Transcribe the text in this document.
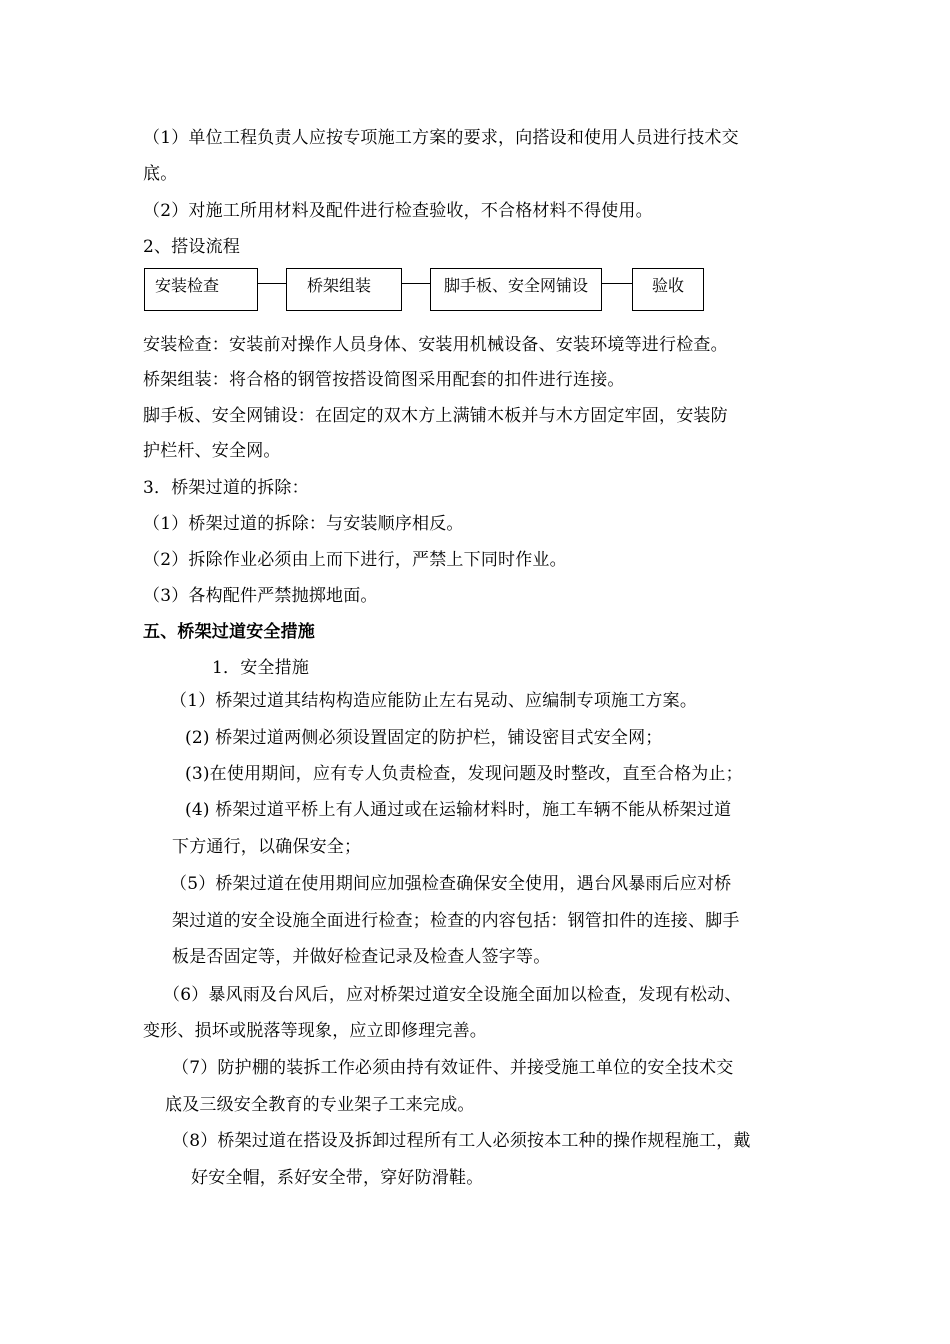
（1）单位工程负责人应按专项施工方案的要求，向搭设和使用人员进行技术交
底。
（2）对施工所用材料及配件进行检查验收，不合格材料不得使用。
2、搭设流程
安装检查	桥架组装	脚手板、安全网铺设	验收
安装检查：安装前对操作人员身体、安装用机械设备、安装环境等进行检查。
桥架组装：将合格的钢管按搭设简图采用配套的扣件进行连接。
脚手板、安全网铺设：在固定的双木方上满铺木板并与木方固定牢固，安装防
护栏杆、安全网。
3．桥架过道的拆除：
（1）桥架过道的拆除：与安装顺序相反。
（2）拆除作业必须由上而下进行，严禁上下同时作业。
（3）各构配件严禁抛掷地面。
五、桥架过道安全措施
1．安全措施
（1）桥架过道其结构构造应能防止左右晃动、应编制专项施工方案。
(2) 桥架过道两侧必须设置固定的防护栏，铺设密目式安全网；
(3)在使用期间，应有专人负责检查，发现问题及时整改，直至合格为止；
(4) 桥架过道平桥上有人通过或在运输材料时，施工车辆不能从桥架过道
下方通行，以确保安全；
（5）桥架过道在使用期间应加强检查确保安全使用，遇台风暴雨后应对桥
架过道的安全设施全面进行检查；检查的内容包括：钢管扣件的连接、脚手
板是否固定等，并做好检查记录及检查人签字等。
（6）暴风雨及台风后，应对桥架过道安全设施全面加以检查，发现有松动、
变形、损坏或脱落等现象，应立即修理完善。
（7）防护棚的装拆工作必须由持有效证件、并接受施工单位的安全技术交
底及三级安全教育的专业架子工来完成。
（8）桥架过道在搭设及拆卸过程所有工人必须按本工种的操作规程施工，戴
好安全帽，系好安全带，穿好防滑鞋。
